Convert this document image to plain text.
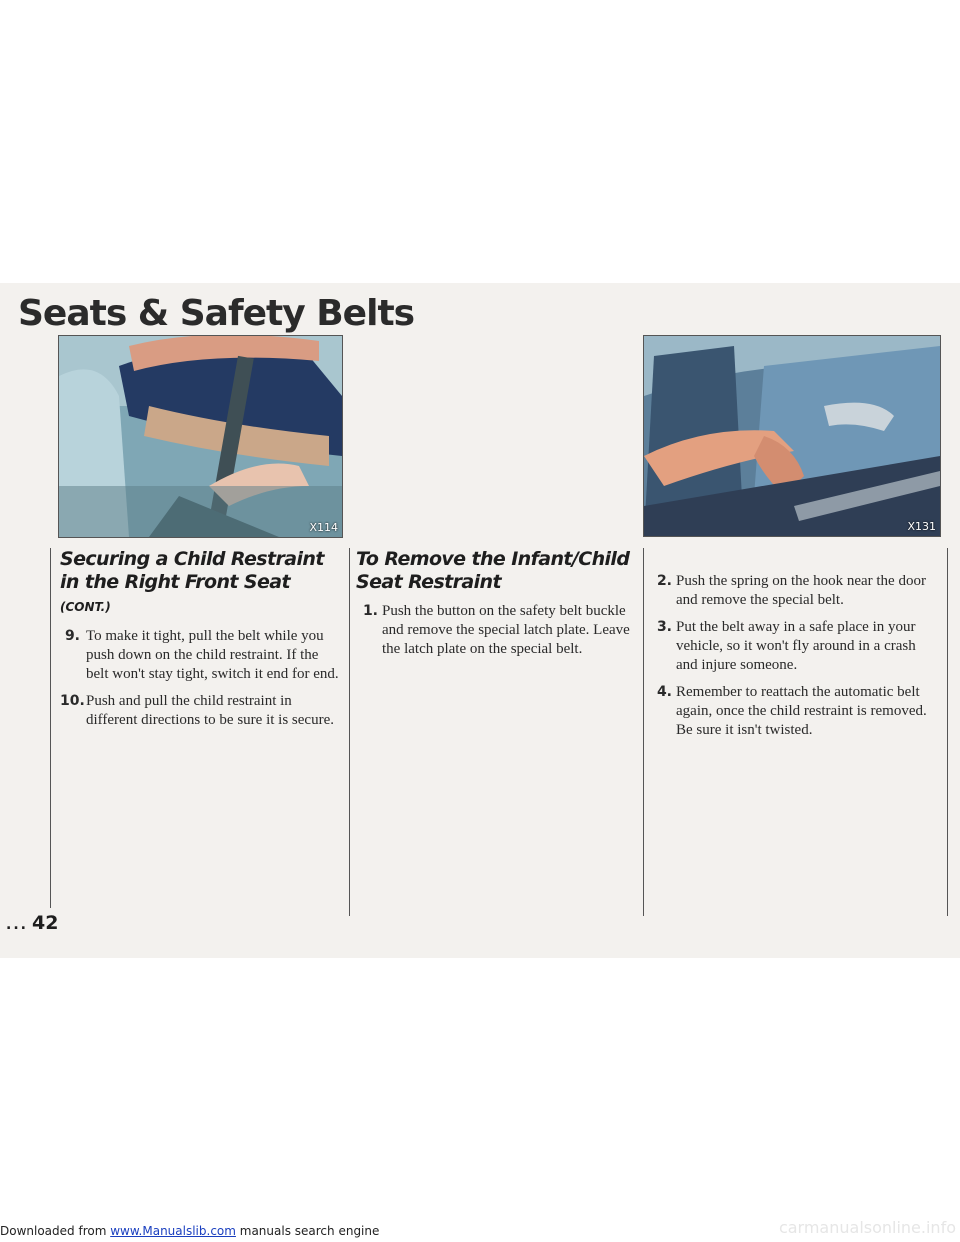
Seats & Safety Belts
X114	X131
Securing a Child Restraint in the Right Front Seat (CONT.)
9. To make it tight, pull the belt while you push down on the child restraint. If the belt won't stay tight, switch it end for end.
10. Push and pull the child restraint in different directions to be sure it is secure.
To Remove the Infant/Child Seat Restraint
1. Push the button on the safety belt buckle and remove the special latch plate. Leave the latch plate on the special belt.
2. Push the spring on the hook near the door and remove the special belt.
3. Put the belt away in a safe place in your vehicle, so it won't fly around in a crash and injure someone.
4. Remember to reattach the automatic belt again, once the child restraint is removed. Be sure it isn't twisted.
... 42
Downloaded from www.Manualslib.com manuals search engine	carmanualsonline.info
